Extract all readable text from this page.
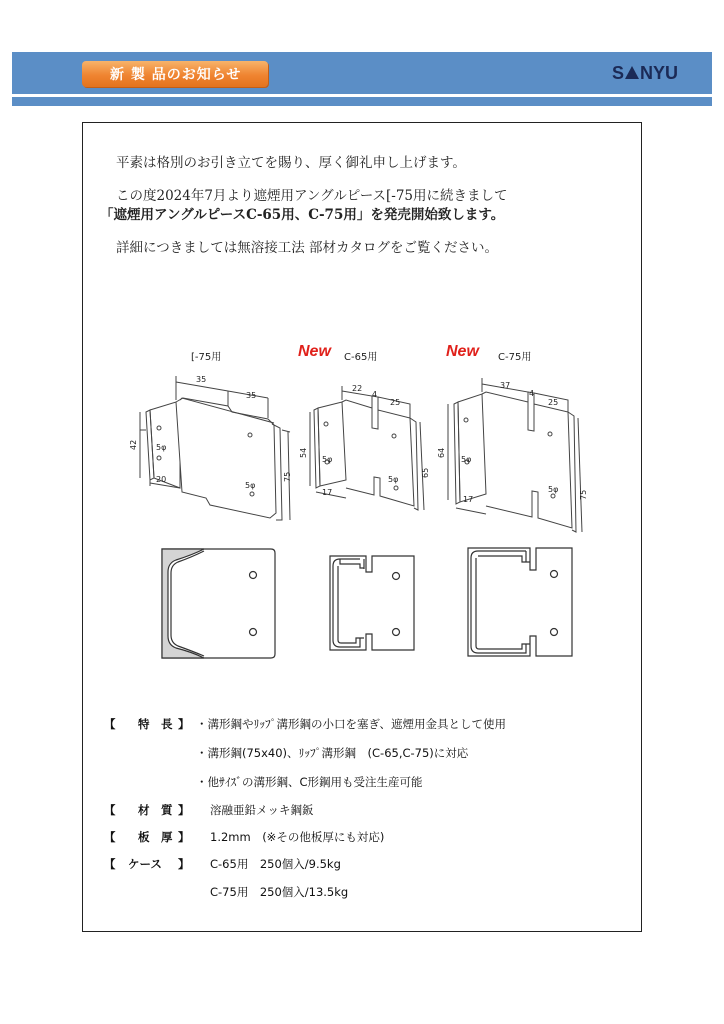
新 製 品のお知らせ	S NYU
平素は格別のお引き立てを賜り、厚く御礼申し上げます。
この度2024年7月より遮煙用アングルピース[-75用に続きまして
「遮煙用アングルピースC-65用、C-75用」を発売開始致します。
詳細につきましては無溶接工法 部材カタログをご覧ください。
[-75用	New C-65用	New C-75用
35
35
42
20	75
5φ
5φ
22
4
25
54
17
65
5φ
5φ
37
4
25
64
17	75
5φ
5φ
【 特　長 】 ・溝形鋼やﾘｯﾌﾟ溝形鋼の小口を塞ぎ、遮煙用金具として使用
・溝形鋼(75x40)、ﾘｯﾌﾟ溝形鋼　(C-65,C-75)に対応
・他ｻｲｽﾞの溝形鋼、C形鋼用も受注生産可能
【 材　質 】 溶融亜鉛メッキ鋼鈑
【 板　厚 】 1.2mm　(※その他板厚にも対応)
【 ケース 】 C-65用　250個入/9.5kg
C-75用　250個入/13.5kg
